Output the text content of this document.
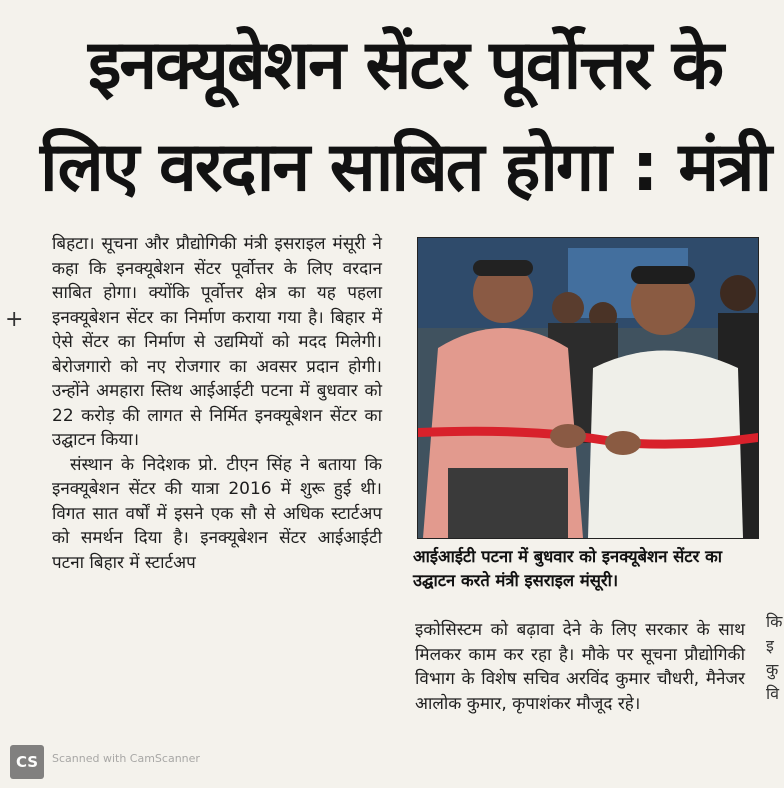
इनक्यूबेशन सेंटर पूर्वोत्तर के
लिए वरदान साबित होगा : मंत्री
+

बिहटा। सूचना और प्रौद्योगिकी मंत्री इसराइल मंसूरी ने कहा कि इनक्यूबेशन सेंटर पूर्वोत्तर के लिए वरदान साबित होगा। क्योंकि पूर्वोत्तर क्षेत्र का यह पहला इनक्यूबेशन सेंटर का निर्माण कराया गया है। बिहार में ऐसे सेंटर का निर्माण से उद्यमियों को मदद मिलेगी। बेरोजगारो को नए रोजगार का अवसर प्रदान होगी। उन्होंने अमहारा स्तिथ आईआईटी पटना में बुधवार को 22 करोड़ की लागत से निर्मित इनक्यूबेशन सेंटर का उद्घाटन किया।

संस्थान के निदेशक प्रो. टीएन सिंह ने बताया कि इनक्यूबेशन सेंटर की यात्रा 2016 में शुरू हुई थी। विगत सात वर्षों में इसने एक सौ से अधिक स्टार्टअप को समर्थन दिया है। इनक्यूबेशन सेंटर आईआईटी पटना बिहार में स्टार्टअप	आईआईटी पटना में बुधवार को इनक्यूबेशन सेंटर का उद्घाटन करते मंत्री इसराइल मंसूरी।

इकोसिस्टम को बढ़ावा देने के लिए सरकार के साथ मिलकर काम कर रहा है। मौके पर सूचना प्रौद्योगिकी विभाग के विशेष सचिव अरविंद कुमार चौधरी, मैनेजर आलोक कुमार, कृपाशंकर मौजूद रहे।

कि
इ
कु
वि
CS	Scanned with CamScanner
